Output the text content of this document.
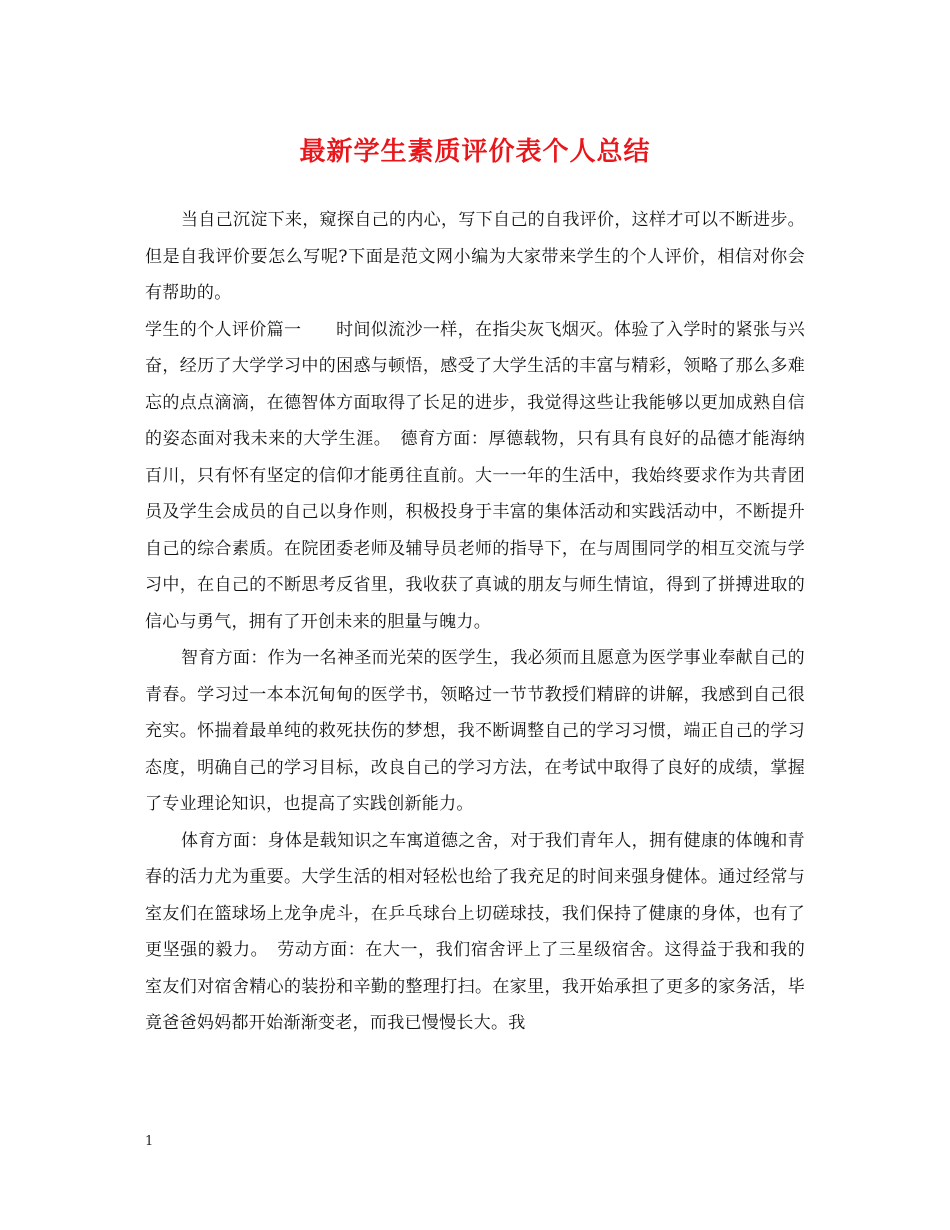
最新学生素质评价表个人总结

当自己沉淀下来，窥探自己的内心，写下自己的自我评价，这样才可以不断进步。但是自我评价要怎么写呢?下面是范文网小编为大家带来学生的个人评价，相信对你会有帮助的。

学生的个人评价篇一　　时间似流沙一样，在指尖灰飞烟灭。体验了入学时的紧张与兴奋，经历了大学学习中的困惑与顿悟，感受了大学生活的丰富与精彩，领略了那么多难忘的点点滴滴，在德智体方面取得了长足的进步，我觉得这些让我能够以更加成熟自信的姿态面对我未来的大学生涯。　德育方面：厚德载物，只有具有良好的品德才能海纳百川，只有怀有坚定的信仰才能勇往直前。大一一年的生活中，我始终要求作为共青团员及学生会成员的自己以身作则，积极投身于丰富的集体活动和实践活动中，不断提升自己的综合素质。在院团委老师及辅导员老师的指导下，在与周围同学的相互交流与学习中，在自己的不断思考反省里，我收获了真诚的朋友与师生情谊，得到了拼搏进取的信心与勇气，拥有了开创未来的胆量与魄力。

智育方面：作为一名神圣而光荣的医学生，我必须而且愿意为医学事业奉献自己的青春。学习过一本本沉甸甸的医学书，领略过一节节教授们精辟的讲解，我感到自己很充实。怀揣着最单纯的救死扶伤的梦想，我不断调整自己的学习习惯，端正自己的学习态度，明确自己的学习目标，改良自己的学习方法，在考试中取得了良好的成绩，掌握了专业理论知识，也提高了实践创新能力。

体育方面：身体是载知识之车寓道德之舍，对于我们青年人，拥有健康的体魄和青春的活力尤为重要。大学生活的相对轻松也给了我充足的时间来强身健体。通过经常与室友们在篮球场上龙争虎斗，在乒乓球台上切磋球技，我们保持了健康的身体，也有了更坚强的毅力。　劳动方面：在大一，我们宿舍评上了三星级宿舍。这得益于我和我的室友们对宿舍精心的装扮和辛勤的整理打扫。在家里，我开始承担了更多的家务活，毕竟爸爸妈妈都开始渐渐变老，而我已慢慢长大。我

1
